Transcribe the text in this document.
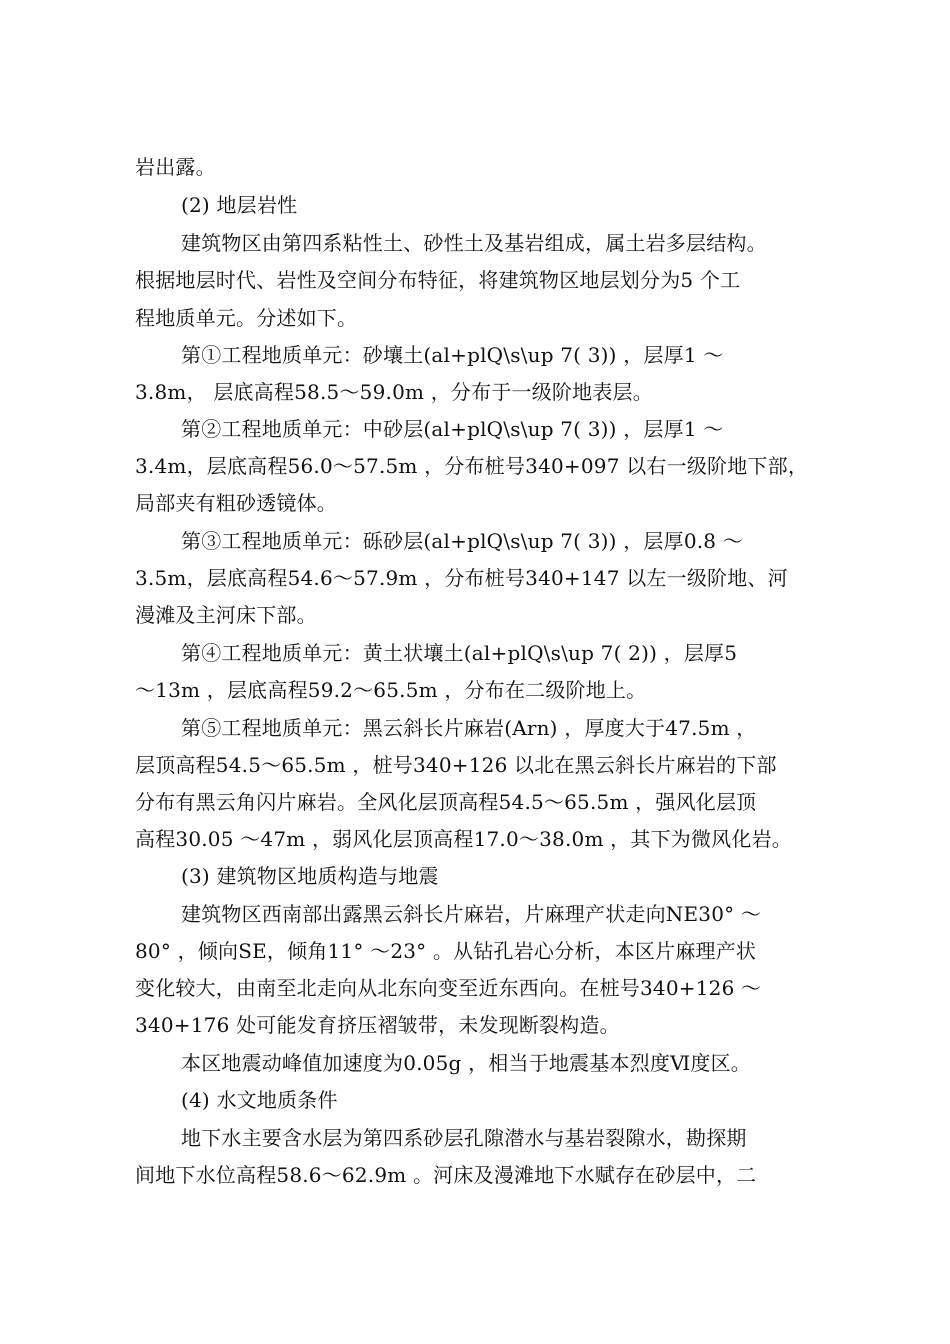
岩出露。
(2) 地层岩性
建筑物区由第四系粘性土、砂性土及基岩组成，属土岩多层结构。
根据地层时代、岩性及空间分布特征，将建筑物区地层划分为5 个工
程地质单元。分述如下。
第①工程地质单元：砂壤土(al+plQ\s\up 7( 3)) ，层厚1 ～
3.8m， 层底高程58.5～59.0m ，分布于一级阶地表层。
第②工程地质单元：中砂层(al+plQ\s\up 7( 3)) ，层厚1 ～
3.4m，层底高程56.0～57.5m ，分布桩号340+097 以右一级阶地下部，
局部夹有粗砂透镜体。
第③工程地质单元：砾砂层(al+plQ\s\up 7( 3)) ，层厚0.8 ～
3.5m，层底高程54.6～57.9m ，分布桩号340+147 以左一级阶地、河
漫滩及主河床下部。
第④工程地质单元：黄土状壤土(al+plQ\s\up 7( 2)) ，层厚5
～13m ，层底高程59.2～65.5m ，分布在二级阶地上。
第⑤工程地质单元：黑云斜长片麻岩(Arn) ，厚度大于47.5m ，
层顶高程54.5～65.5m ，桩号340+126 以北在黑云斜长片麻岩的下部
分布有黑云角闪片麻岩。全风化层顶高程54.5～65.5m ，强风化层顶
高程30.05 ～47m ，弱风化层顶高程17.0～38.0m ，其下为微风化岩。
(3) 建筑物区地质构造与地震
建筑物区西南部出露黑云斜长片麻岩，片麻理产状走向NE30° ～
80° ，倾向SE，倾角11° ～23° 。从钻孔岩心分析，本区片麻理产状
变化较大，由南至北走向从北东向变至近东西向。在桩号340+126 ～
340+176 处可能发育挤压褶皱带，未发现断裂构造。
本区地震动峰值加速度为0.05g ，相当于地震基本烈度Ⅵ度区。
(4) 水文地质条件
地下水主要含水层为第四系砂层孔隙潜水与基岩裂隙水，勘探期
间地下水位高程58.6～62.9m 。河床及漫滩地下水赋存在砂层中，二
